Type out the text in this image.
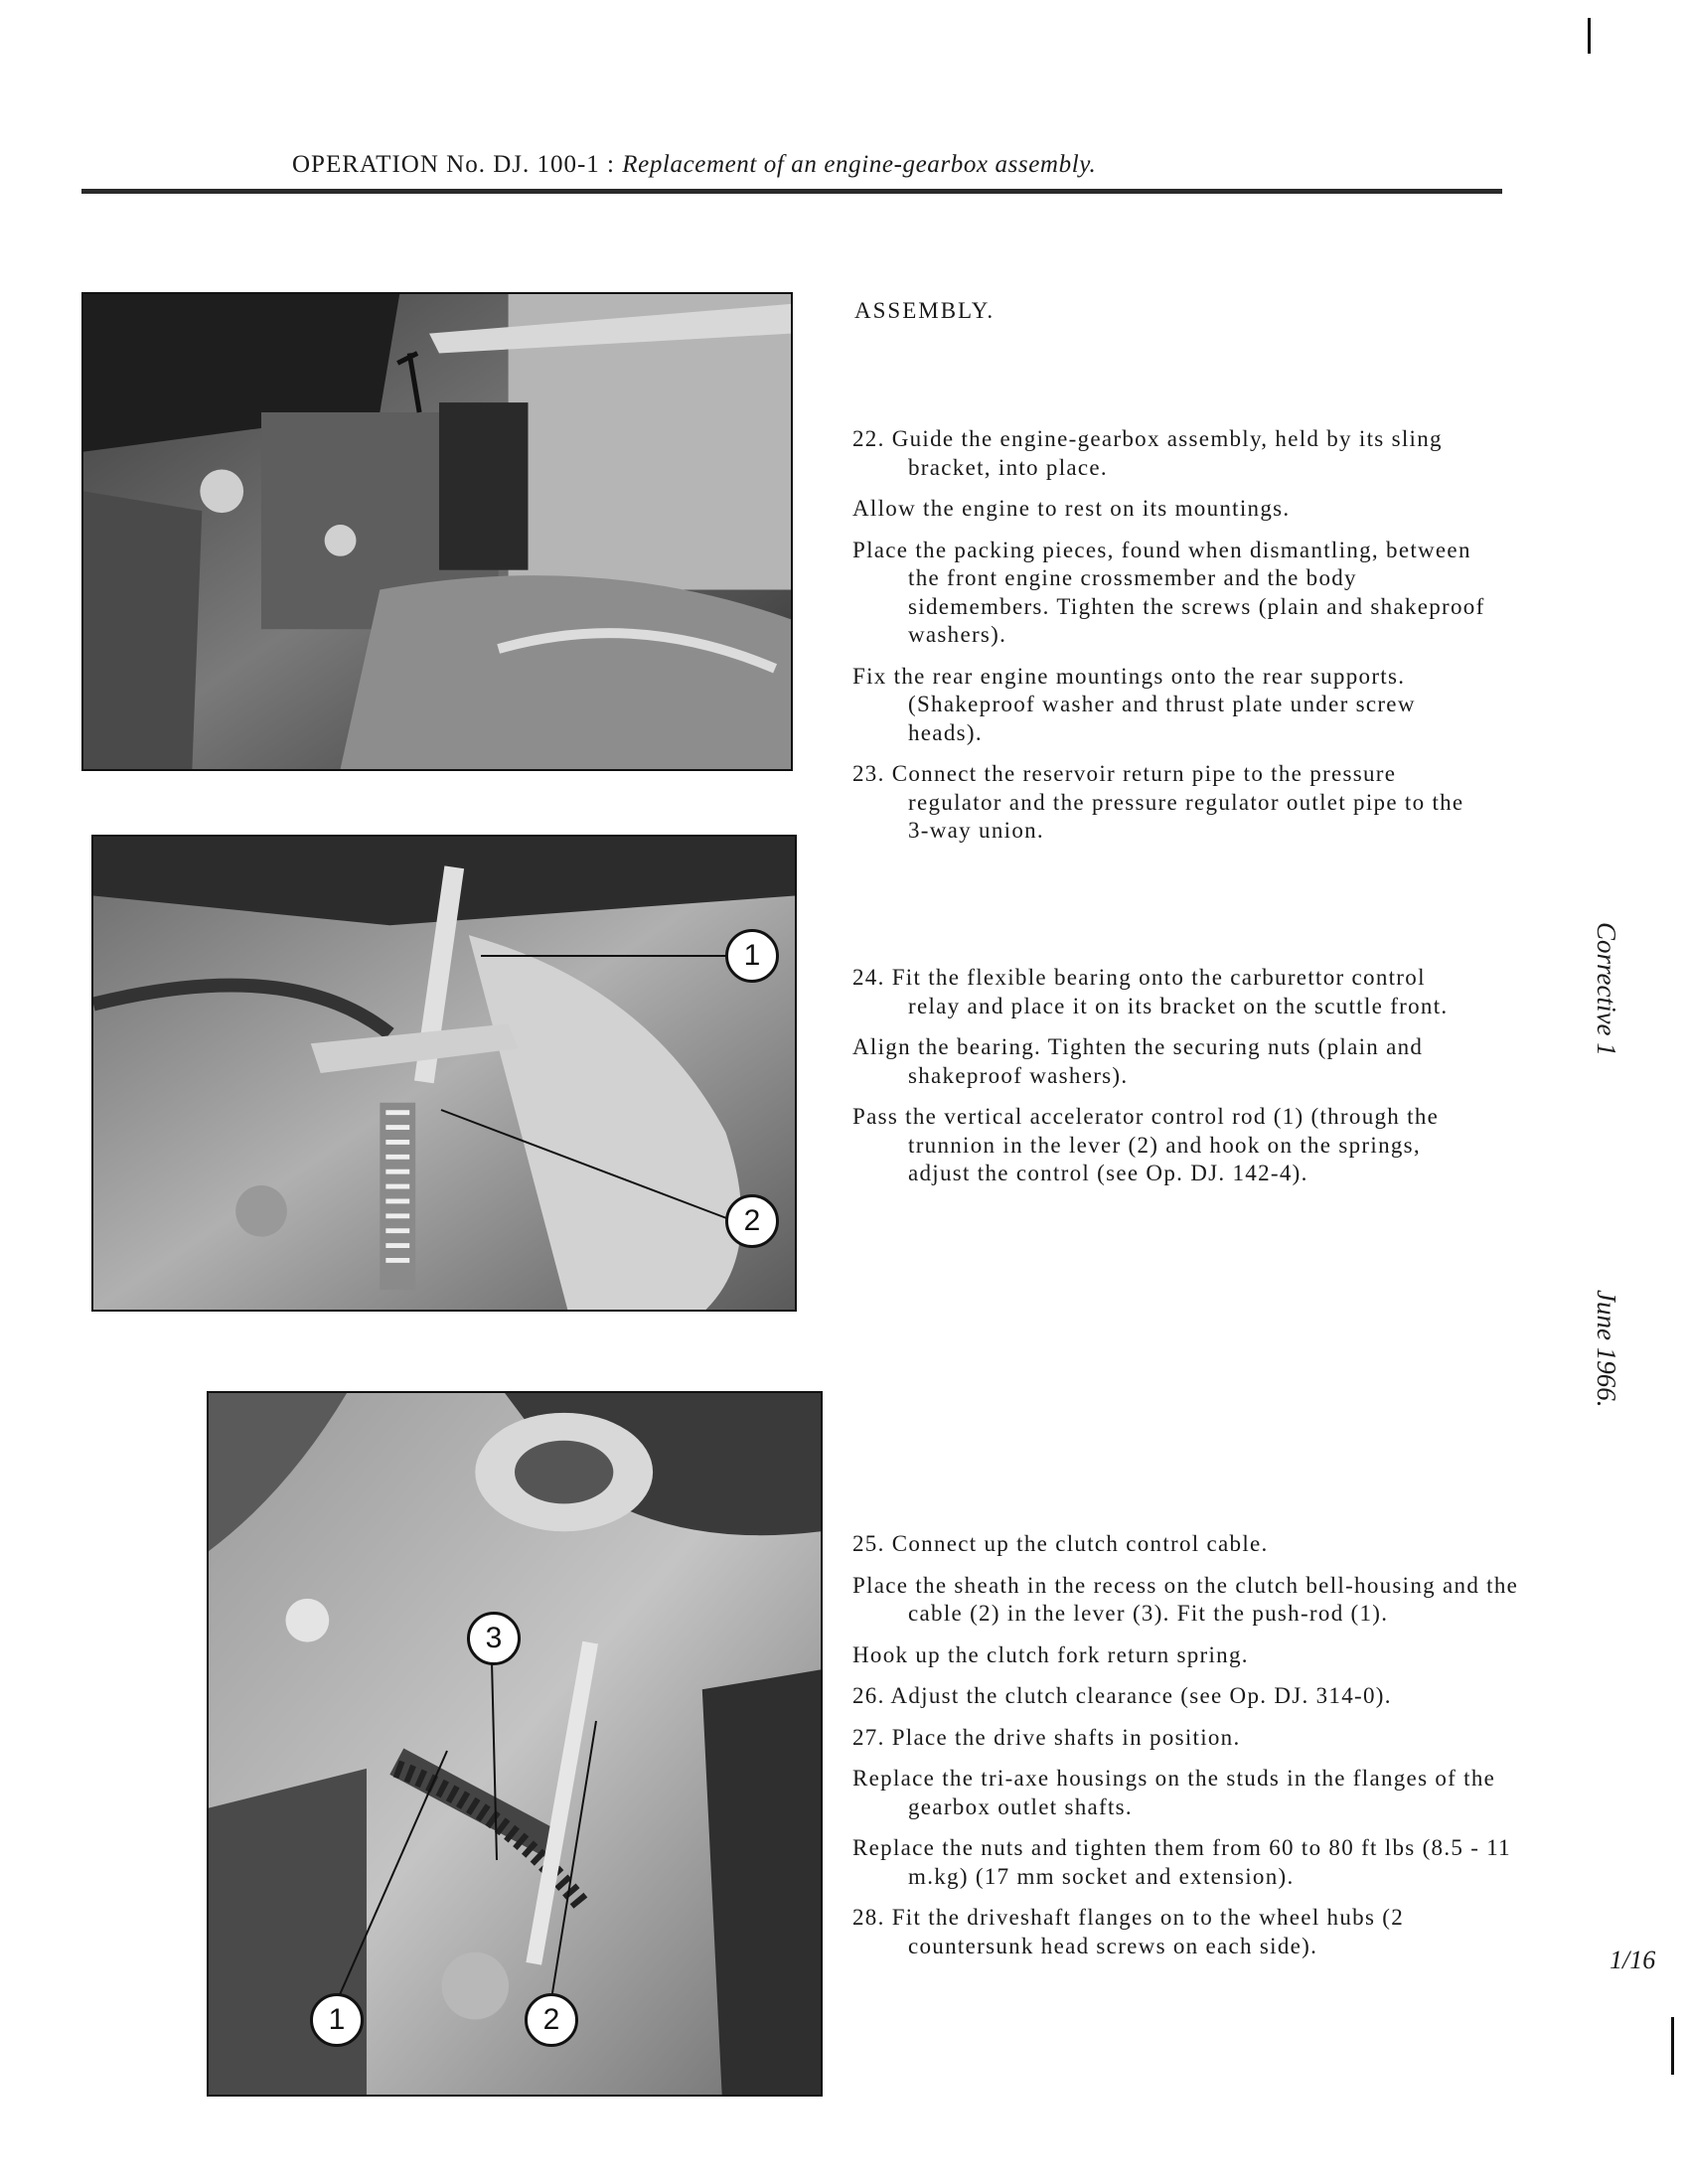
OPERATION No. DJ. 100-1 : Replacement of an engine-gearbox assembly.
1
2
3
1	2
ASSEMBLY.

22. Guide the engine-gearbox assembly, held by its sling bracket, into place.

Allow the engine to rest on its mountings.

Place the packing pieces, found when dismantling, between the front engine crossmember and the body sidemembers. Tighten the screws (plain and shakeproof washers).

Fix the rear engine mountings onto the rear supports. (Shakeproof washer and thrust plate under screw heads).

23. Connect the reservoir return pipe to the pressure regulator and the pressure regulator outlet pipe to the 3-way union.

24. Fit the flexible bearing onto the carburettor control relay and place it on its bracket on the scuttle front.

Align the bearing. Tighten the securing nuts (plain and shakeproof washers).

Pass the vertical accelerator control rod (1) (through the trunnion in the lever (2) and hook on the springs, adjust the control (see Op. DJ. 142-4).

25. Connect up the clutch control cable.

Place the sheath in the recess on the clutch bell-housing and the cable (2) in the lever (3). Fit the push-rod (1).

Hook up the clutch fork return spring.

26. Adjust the clutch clearance (see Op. DJ. 314-0).

27. Place the drive shafts in position.

Replace the tri-axe housings on the studs in the flanges of the gearbox outlet shafts.

Replace the nuts and tighten them from 60 to 80 ft lbs (8.5 - 11 m.kg) (17 mm socket and extension).

28. Fit the driveshaft flanges on to the wheel hubs (2 countersunk head screws on each side).

Corrective 1
June 1966.
1/16
